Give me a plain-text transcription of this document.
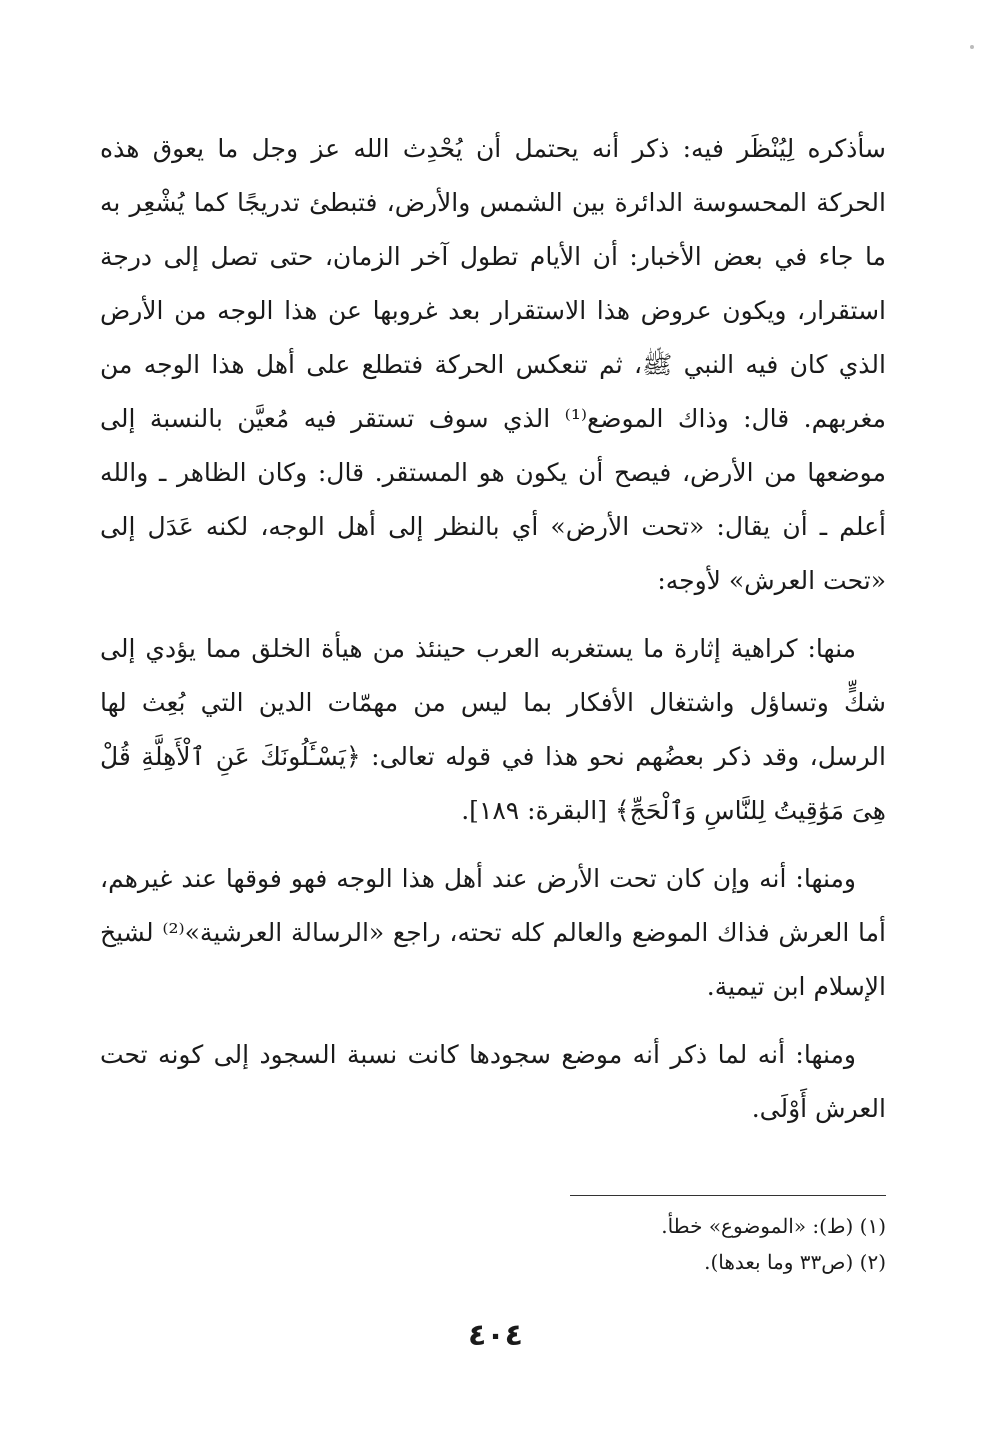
سأذكره لِيُنْظَر فيه: ذكر أنه يحتمل أن يُحْدِث الله عز وجل ما يعوق هذه الحركة المحسوسة الدائرة بين الشمس والأرض، فتبطئ تدريجًا كما يُشْعِر به ما جاء في بعض الأخبار: أن الأيام تطول آخر الزمان، حتى تصل إلى درجة استقرار، ويكون عروض هذا الاستقرار بعد غروبها عن هذا الوجه من الأرض الذي كان فيه النبي ﷺ، ثم تنعكس الحركة فتطلع على أهل هذا الوجه من مغربهم. قال: وذاك الموضع⁽¹⁾ الذي سوف تستقر فيه مُعيَّن بالنسبة إلى موضعها من الأرض، فيصح أن يكون هو المستقر. قال: وكان الظاهر ـ والله أعلم ـ أن يقال: «تحت الأرض» أي بالنظر إلى أهل الوجه، لكنه عَدَل إلى «تحت العرش» لأوجه:

منها: كراهية إثارة ما يستغربه العرب حينئذ من هيأة الخلق مما يؤدي إلى شكٍّ وتساؤل واشتغال الأفكار بما ليس من مهمّات الدين التي بُعِث لها الرسل، وقد ذكر بعضُهم نحو هذا في قوله تعالى: ﴿يَسْـَٔلُونَكَ عَنِ ٱلْأَهِلَّةِ قُلْ هِىَ مَوَٰقِيتُ لِلنَّاسِ وَٱلْحَجِّ﴾ [البقرة: ١٨٩].

ومنها: أنه وإن كان تحت الأرض عند أهل هذا الوجه فهو فوقها عند غيرهم، أما العرش فذاك الموضع والعالم كله تحته، راجع «الرسالة العرشية»⁽²⁾ لشيخ الإسلام ابن تيمية.

ومنها: أنه لما ذكر أنه موضع سجودها كانت نسبة السجود إلى كونه تحت العرش أَوْلَى.

(١) (ط): «الموضوع» خطأ.

(٢) (ص٣٣ وما بعدها).

٤٠٤
